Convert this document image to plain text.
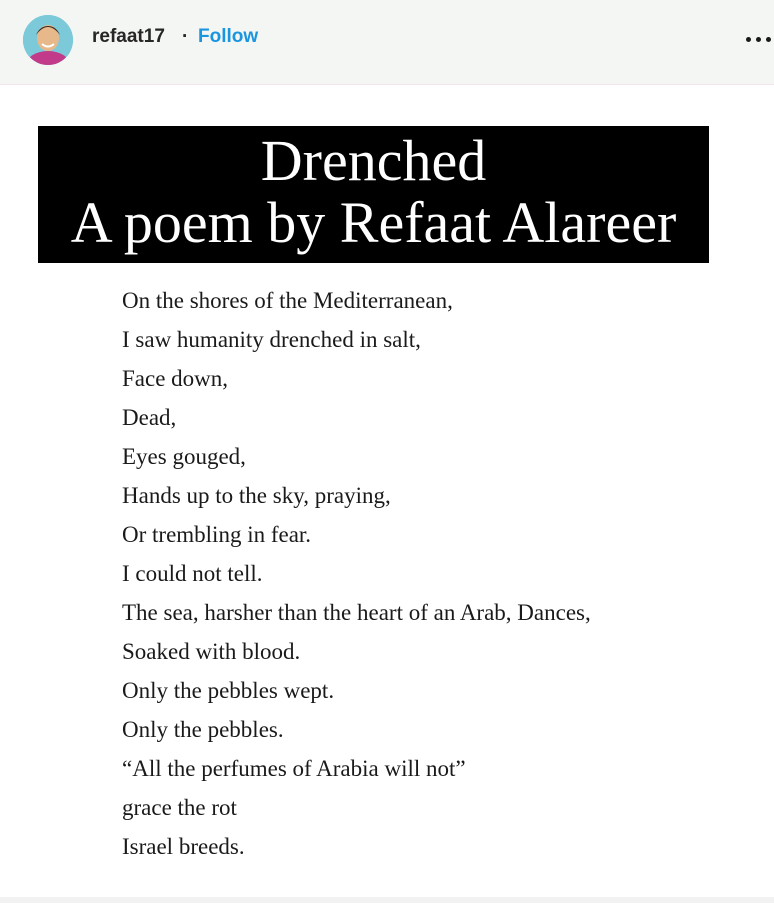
refaat17 · Follow
Drenched
A poem by Refaat Alareer
On the shores of the Mediterranean,
I saw humanity drenched in salt,
Face down,
Dead,
Eyes gouged,
Hands up to the sky, praying,
Or trembling in fear.
I could not tell.
The sea, harsher than the heart of an Arab, Dances,
Soaked with blood.
Only the pebbles wept.
Only the pebbles.
“All the perfumes of Arabia will not”
grace the rot
Israel breeds.
